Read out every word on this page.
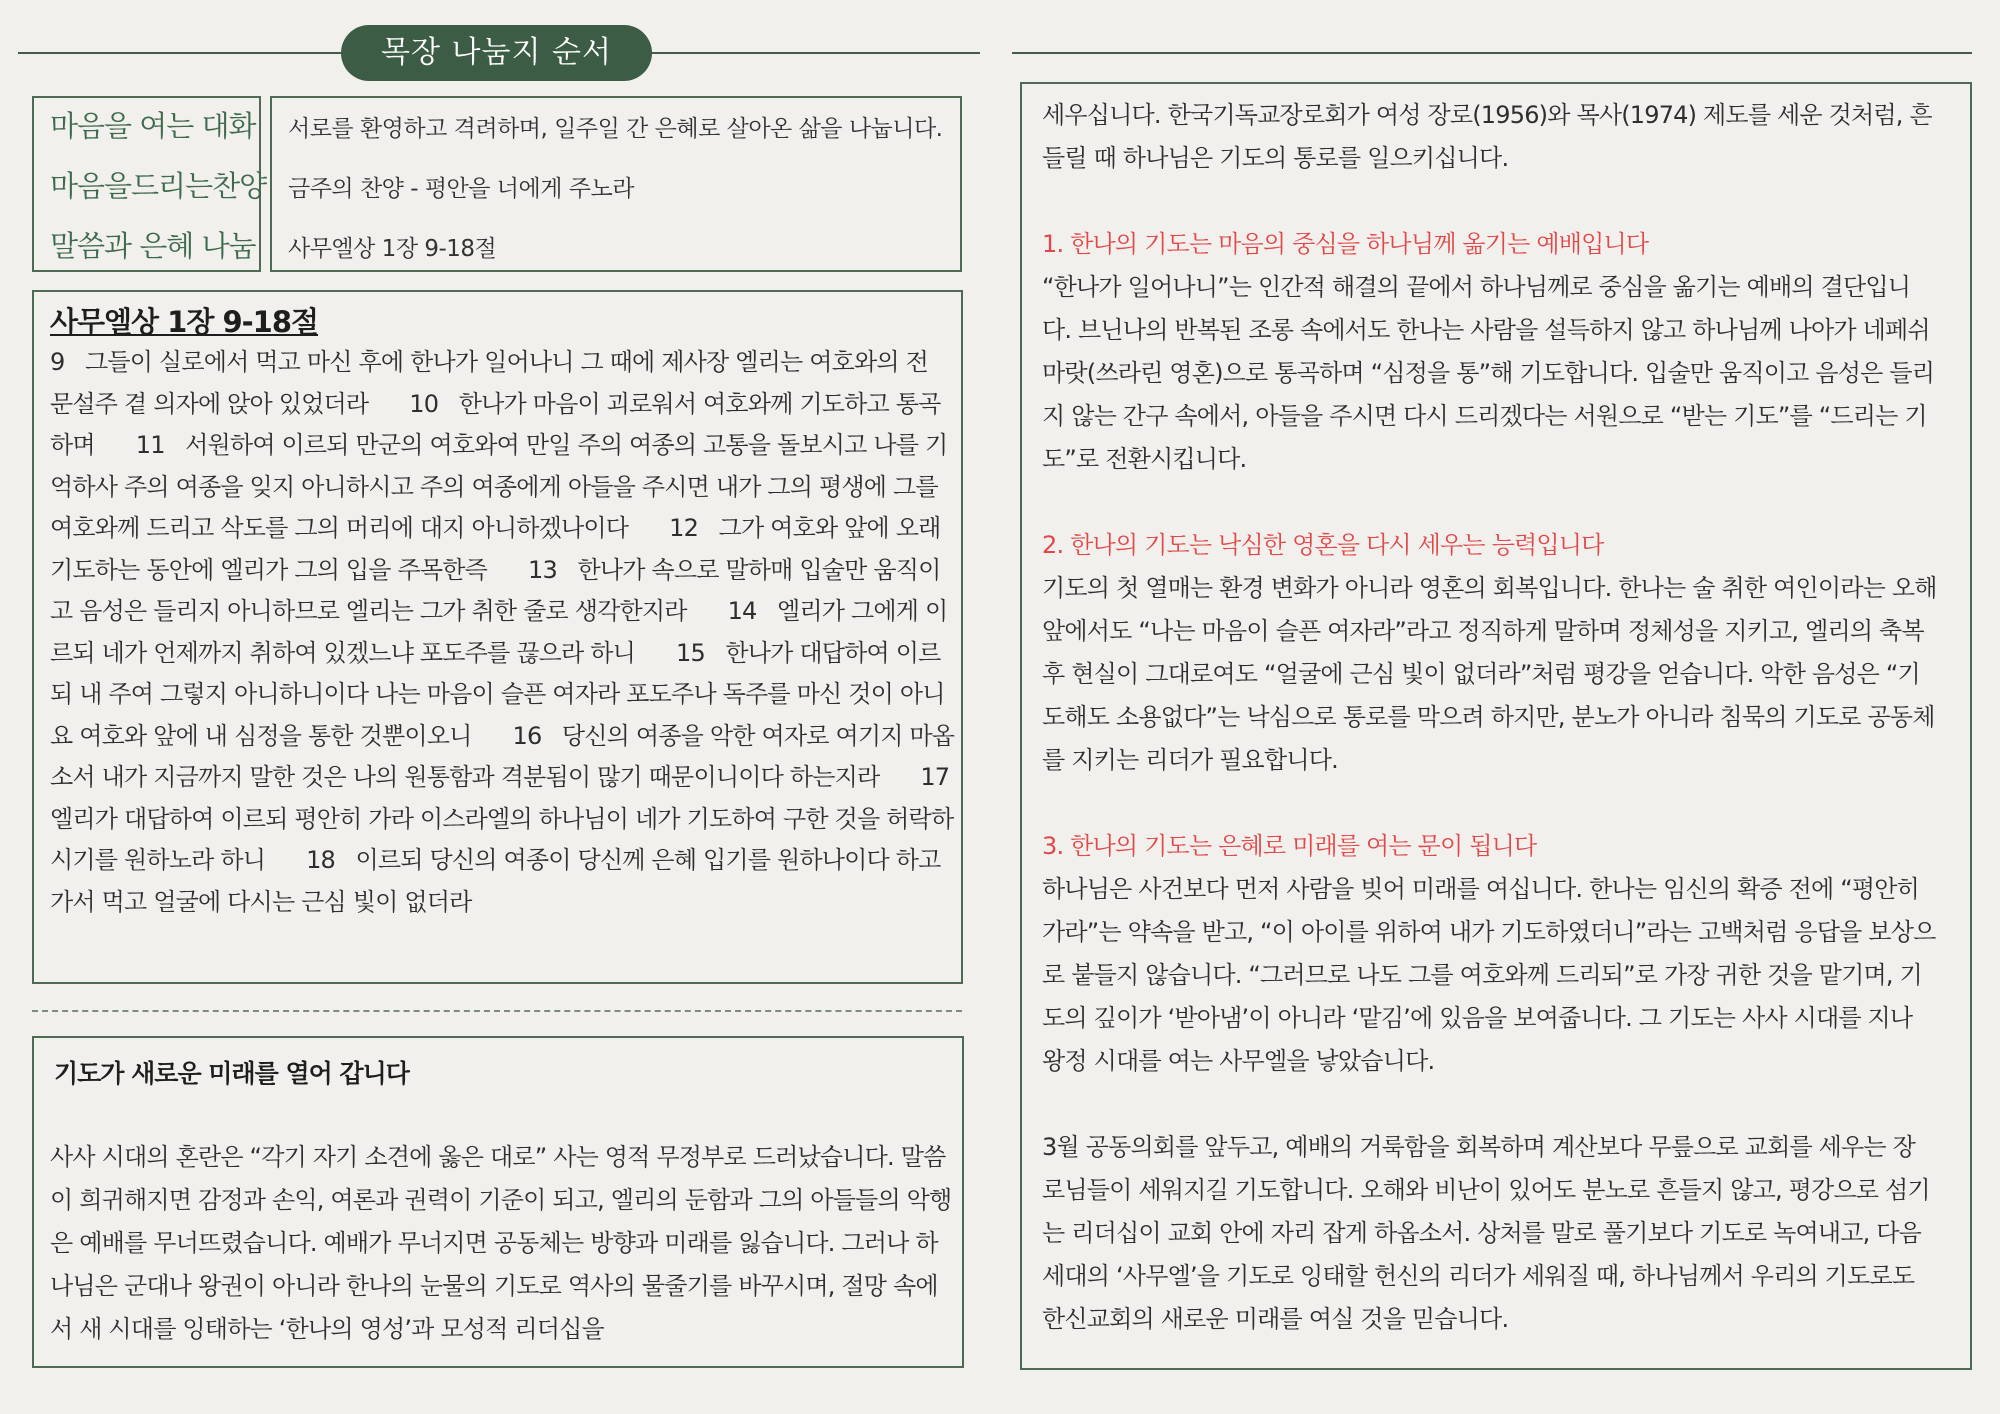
목장 나눔지 순서
마음을 여는 대화
마음을드리는찬양
말씀과 은혜 나눔
서로를 환영하고 격려하며, 일주일 간 은혜로 살아온 삶을 나눕니다.
금주의 찬양 - 평안을 너에게 주노라
사무엘상 1장 9-18절
사무엘상 1장 9-18절
9   그들이 실로에서 먹고 마신 후에 한나가 일어나니 그 때에 제사장 엘리는 여호와의 전 문설주 곁 의자에 앉아 있었더라      10   한나가 마음이 괴로워서 여호와께 기도하고 통곡하며      11   서원하여 이르되 만군의 여호와여 만일 주의 여종의 고통을 돌보시고 나를 기억하사 주의 여종을 잊지 아니하시고 주의 여종에게 아들을 주시면 내가 그의 평생에 그를 여호와께 드리고 삭도를 그의 머리에 대지 아니하겠나이다      12   그가 여호와 앞에 오래 기도하는 동안에 엘리가 그의 입을 주목한즉      13   한나가 속으로 말하매 입술만 움직이고 음성은 들리지 아니하므로 엘리는 그가 취한 줄로 생각한지라      14   엘리가 그에게 이르되 네가 언제까지 취하여 있겠느냐 포도주를 끊으라 하니      15   한나가 대답하여 이르되 내 주여 그렇지 아니하니이다 나는 마음이 슬픈 여자라 포도주나 독주를 마신 것이 아니요 여호와 앞에 내 심정을 통한 것뿐이오니      16   당신의 여종을 악한 여자로 여기지 마옵소서 내가 지금까지 말한 것은 나의 원통함과 격분됨이 많기 때문이니이다 하는지라      17   엘리가 대답하여 이르되 평안히 가라 이스라엘의 하나님이 네가 기도하여 구한 것을 허락하시기를 원하노라 하니      18   이르되 당신의 여종이 당신께 은혜 입기를 원하나이다 하고 가서 먹고 얼굴에 다시는 근심 빛이 없더라
기도가 새로운 미래를 열어 갑니다
사사 시대의 혼란은 “각기 자기 소견에 옳은 대로” 사는 영적 무정부로 드러났습니다. 말씀이 희귀해지면 감정과 손익, 여론과 권력이 기준이 되고, 엘리의 둔함과 그의 아들들의 악행은 예배를 무너뜨렸습니다. 예배가 무너지면 공동체는 방향과 미래를 잃습니다. 그러나 하나님은 군대나 왕권이 아니라 한나의 눈물의 기도로 역사의 물줄기를 바꾸시며, 절망 속에서 새 시대를 잉태하는 ‘한나의 영성’과 모성적 리더십을

세우십니다. 한국기독교장로회가 여성 장로(1956)와 목사(1974) 제도를 세운 것처럼, 흔들릴 때 하나님은 기도의 통로를 일으키십니다.

1. 한나의 기도는 마음의 중심을 하나님께 옮기는 예배입니다

“한나가 일어나니”는 인간적 해결의 끝에서 하나님께로 중심을 옮기는 예배의 결단입니다. 브닌나의 반복된 조롱 속에서도 한나는 사람을 설득하지 않고 하나님께 나아가 네페쉬 마랏(쓰라린 영혼)으로 통곡하며 “심정을 통”해 기도합니다. 입술만 움직이고 음성은 들리지 않는 간구 속에서, 아들을 주시면 다시 드리겠다는 서원으로 “받는 기도”를 “드리는 기도”로 전환시킵니다.

2. 한나의 기도는 낙심한 영혼을 다시 세우는 능력입니다

기도의 첫 열매는 환경 변화가 아니라 영혼의 회복입니다. 한나는 술 취한 여인이라는 오해 앞에서도 “나는 마음이 슬픈 여자라”라고 정직하게 말하며 정체성을 지키고, 엘리의 축복 후 현실이 그대로여도 “얼굴에 근심 빛이 없더라”처럼 평강을 얻습니다. 악한 음성은 “기도해도 소용없다”는 낙심으로 통로를 막으려 하지만, 분노가 아니라 침묵의 기도로 공동체를 지키는 리더가 필요합니다.

3. 한나의 기도는 은혜로 미래를 여는 문이 됩니다

하나님은 사건보다 먼저 사람을 빚어 미래를 여십니다. 한나는 임신의 확증 전에 “평안히 가라”는 약속을 받고, “이 아이를 위하여 내가 기도하였더니”라는 고백처럼 응답을 보상으로 붙들지 않습니다. “그러므로 나도 그를 여호와께 드리되”로 가장 귀한 것을 맡기며, 기도의 깊이가 ‘받아냄’이 아니라 ‘맡김’에 있음을 보여줍니다. 그 기도는 사사 시대를 지나 왕정 시대를 여는 사무엘을 낳았습니다.

3월 공동의회를 앞두고, 예배의 거룩함을 회복하며 계산보다 무릎으로 교회를 세우는 장로님들이 세워지길 기도합니다. 오해와 비난이 있어도 분노로 흔들지 않고, 평강으로 섬기는 리더십이 교회 안에 자리 잡게 하옵소서. 상처를 말로 풀기보다 기도로 녹여내고, 다음 세대의 ‘사무엘’을 기도로 잉태할 헌신의 리더가 세워질 때, 하나님께서 우리의 기도로도 한신교회의 새로운 미래를 여실 것을 믿습니다.
